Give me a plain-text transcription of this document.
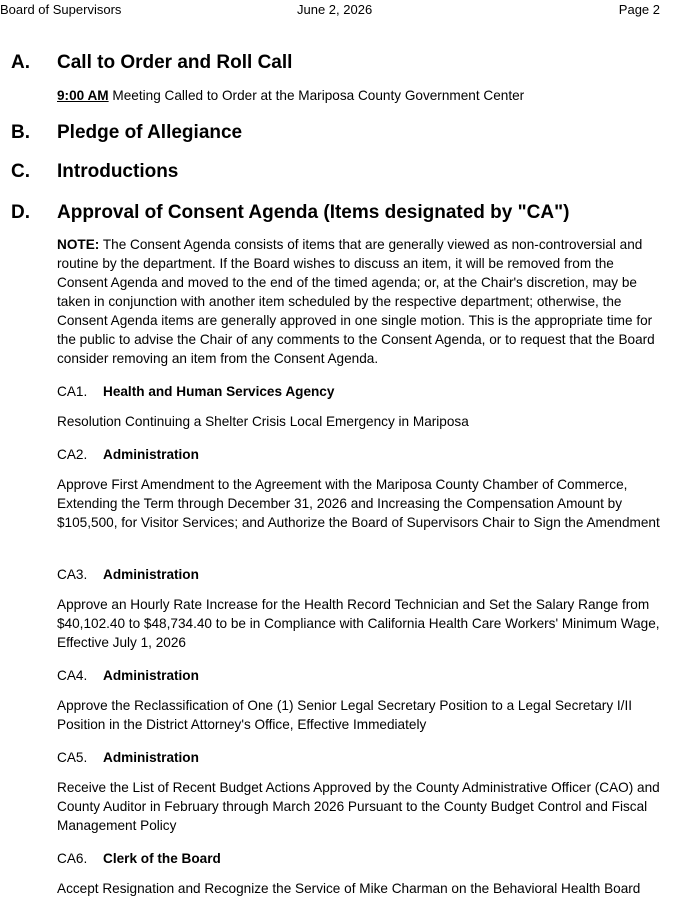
Board of Supervisors	June 2, 2026	Page 2
A. Call to Order and Roll Call
9:00 AM Meeting Called to Order at the Mariposa County Government Center
B. Pledge of Allegiance
C. Introductions
D. Approval of Consent Agenda (Items designated by "CA")
NOTE: The Consent Agenda consists of items that are generally viewed as non-controversial and routine by the department. If the Board wishes to discuss an item, it will be removed from the Consent Agenda and moved to the end of the timed agenda; or, at the Chair's discretion, may be taken in conjunction with another item scheduled by the respective department; otherwise, the Consent Agenda items are generally approved in one single motion. This is the appropriate time for the public to advise the Chair of any comments to the Consent Agenda, or to request that the Board consider removing an item from the Consent Agenda.
CA1. Health and Human Services Agency
Resolution Continuing a Shelter Crisis Local Emergency in Mariposa
CA2. Administration
Approve First Amendment to the Agreement with the Mariposa County Chamber of Commerce, Extending the Term through December 31, 2026 and Increasing the Compensation Amount by $105,500, for Visitor Services; and Authorize the Board of Supervisors Chair to Sign the Amendment
CA3. Administration
Approve an Hourly Rate Increase for the Health Record Technician and Set the Salary Range from $40,102.40 to $48,734.40 to be in Compliance with California Health Care Workers' Minimum Wage, Effective July 1, 2026
CA4. Administration
Approve the Reclassification of One (1) Senior Legal Secretary Position to a Legal Secretary I/II Position in the District Attorney's Office, Effective Immediately
CA5. Administration
Receive the List of Recent Budget Actions Approved by the County Administrative Officer (CAO) and County Auditor in February through March 2026 Pursuant to the County Budget Control and Fiscal Management Policy
CA6. Clerk of the Board
Accept Resignation and Recognize the Service of Mike Charman on the Behavioral Health Board
